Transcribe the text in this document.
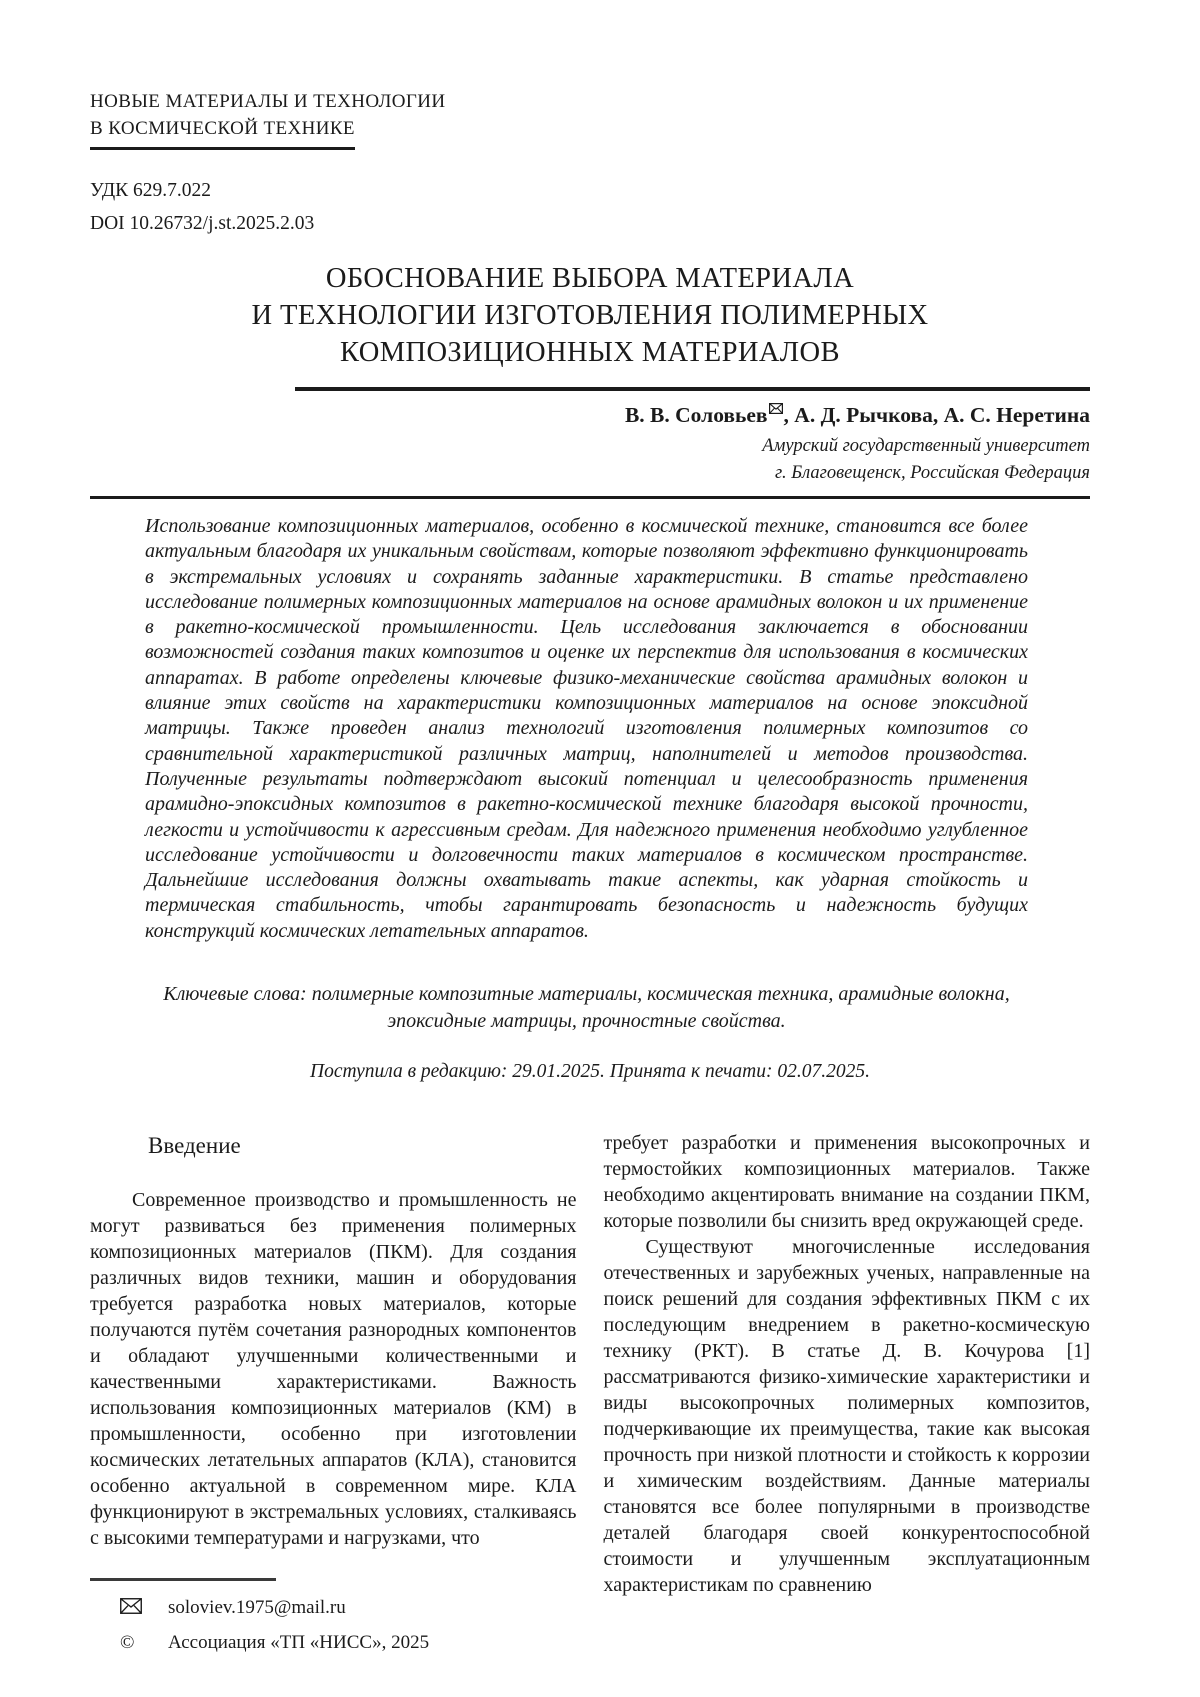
НОВЫЕ МАТЕРИАЛЫ И ТЕХНОЛОГИИ
В КОСМИЧЕСКОЙ ТЕХНИКЕ
УДК 629.7.022
DOI 10.26732/j.st.2025.2.03
ОБОСНОВАНИЕ ВЫБОРА МАТЕРИАЛА
И ТЕХНОЛОГИИ ИЗГОТОВЛЕНИЯ ПОЛИМЕРНЫХ
КОМПОЗИЦИОННЫХ МАТЕРИАЛОВ
В. В. Соловьев , А. Д. Рычкова, А. С. Неретина
Амурский государственный университет
г. Благовещенск, Российская Федерация
Использование композиционных материалов, особенно в космической технике, становится все более актуальным благодаря их уникальным свойствам, которые позволяют эффективно функционировать в экстремальных условиях и сохранять заданные характеристики. В статье представлено исследование полимерных композиционных материалов на основе арамидных волокон и их применение в ракетно-космической промышленности. Цель исследования заключается в обосновании возможностей создания таких композитов и оценке их перспектив для использования в космических аппаратах. В работе определены ключевые физико-механические свойства арамидных волокон и влияние этих свойств на характеристики композиционных материалов на основе эпоксидной матрицы. Также проведен анализ технологий изготовления полимерных композитов со сравнительной характеристикой различных матриц, наполнителей и методов производства. Полученные результаты подтверждают высокий потенциал и целесообразность применения арамидно-эпоксидных композитов в ракетно-космической технике благодаря высокой прочности, легкости и устойчивости к агрессивным средам. Для надежного применения необходимо углубленное исследование устойчивости и долговечности таких материалов в космическом пространстве. Дальнейшие исследования должны охватывать такие аспекты, как ударная стойкость и термическая стабильность, чтобы гарантировать безопасность и надежность будущих конструкций космических летательных аппаратов.
Ключевые слова: полимерные композитные материалы, космическая техника, арамидные волокна, эпоксидные матрицы, прочностные свойства.
Поступила в редакцию: 29.01.2025. Принята к печати: 02.07.2025.
Введение

Современное производство и промышленность не могут развиваться без применения полимерных композиционных материалов (ПКМ). Для создания различных видов техники, машин и оборудования требуется разработка новых материалов, которые получаются путём сочетания разнородных компонентов и обладают улучшенными количественными и качественными характеристиками. Важность использования композиционных материалов (КМ) в промышленности, особенно при изготовлении космических летательных аппаратов (КЛА), становится особенно актуальной в современном мире. КЛА функционируют в экстремальных условиях, сталкиваясь с высокими температурами и нагрузками, что

soloviev.1975@mail.ru
©	Ассоциация «ТП «НИСС», 2025

требует разработки и применения высокопрочных и термостойких композиционных материалов. Также необходимо акцентировать внимание на создании ПКМ, которые позволили бы снизить вред окружающей среде.

Существуют многочисленные исследования отечественных и зарубежных ученых, направленные на поиск решений для создания эффективных ПКМ с их последующим внедрением в ракетно-космическую технику (РКТ). В статье Д. В. Кочурова [1] рассматриваются физико-химические характеристики и виды высокопрочных полимерных композитов, подчеркивающие их преимущества, такие как высокая прочность при низкой плотности и стойкость к коррозии и химическим воздействиям. Данные материалы становятся все более популярными в производстве деталей благодаря своей конкурентоспособной стоимости и улучшенным эксплуатационным характеристикам по сравнению
